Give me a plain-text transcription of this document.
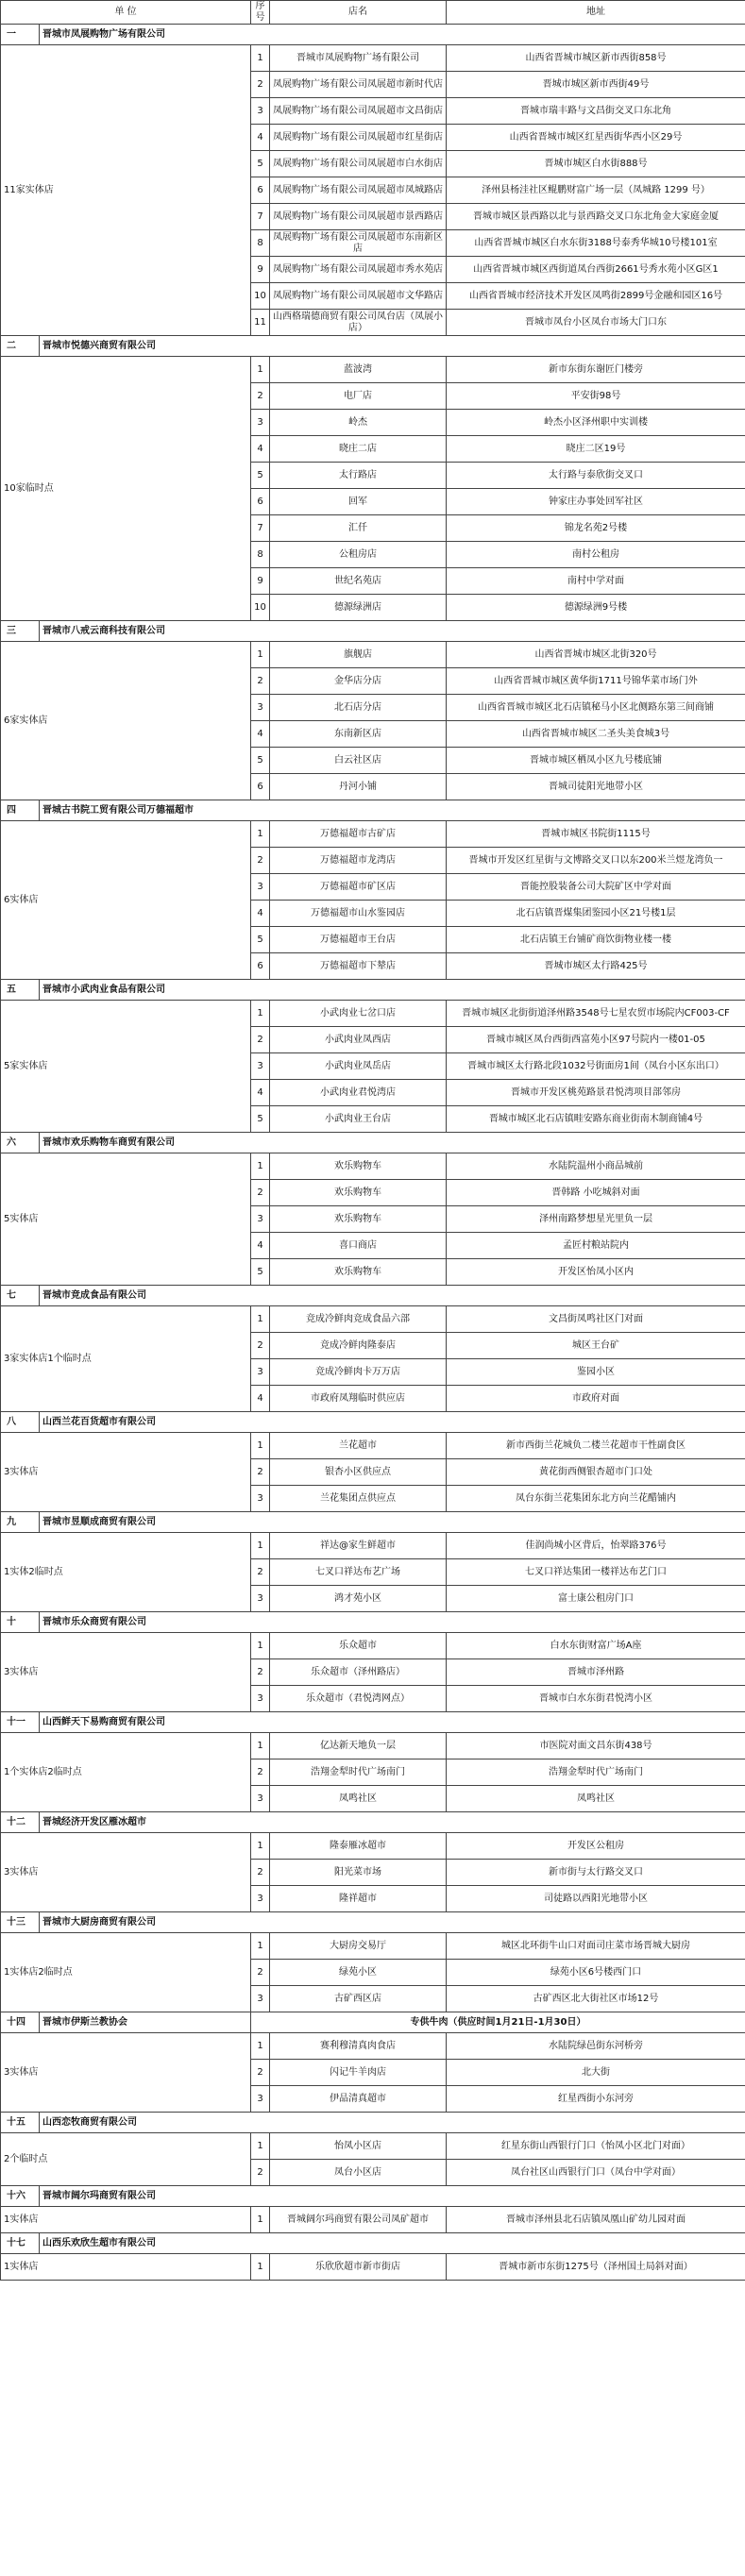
单 位		序号	店名	地址
一	晋城市凤展购物广场有限公司			
11家实体店		1	晋城市凤展购物广场有限公司	山西省晋城市城区新市西街858号
		2	凤展购物广场有限公司凤展超市新时代店	晋城市城区新市西街49号
		3	凤展购物广场有限公司凤展超市文昌街店	晋城市瑞丰路与文昌街交叉口东北角
		4	凤展购物广场有限公司凤展超市红星街店	山西省晋城市城区红星西街华西小区29号
		5	凤展购物广场有限公司凤展超市白水街店	晋城市城区白水街888号
		6	凤展购物广场有限公司凤展超市凤城路店	泽州县杨洼社区鲲鹏财富广场一层（凤城路 1299 号）
		7	凤展购物广场有限公司凤展超市景西路店	晋城市城区景西路以北与景西路交叉口东北角金大家庭金厦
		8	凤展购物广场有限公司凤展超市东南新区店	山西省晋城市城区白水东街3188号泰秀华城10号楼101室
		9	凤展购物广场有限公司凤展超市秀水苑店	山西省晋城市城区西街道凤台西街2661号秀水苑小区G区1
		10	凤展购物广场有限公司凤展超市文华路店	山西省晋城市经济技术开发区凤鸣街2899号金融和园区16号
		11	山西格瑞德商贸有限公司凤台店（凤展小店）	晋城市凤台小区凤台市场大门口东
二	晋城市悦德兴商贸有限公司			
10家临时点		1	蓝波湾	新市东街东谢匠门楼旁
		2	电厂店	平安街98号
		3	岭杰	岭杰小区泽州职中实训楼
		4	晓庄二店	晓庄二区19号
		5	太行路店	太行路与泰欣街交叉口
		6	回军	钟家庄办事处回军社区
		7	汇仟	锦龙名苑2号楼
		8	公租房店	南村公租房
		9	世纪名苑店	南村中学对面
		10	德源绿洲店	德源绿洲9号楼
三	晋城市八戒云商科技有限公司			
6家实体店		1	旗舰店	山西省晋城市城区北街320号
		2	金华店分店	山西省晋城市城区黄华街1711号锦华菜市场门外
		3	北石店分店	山西省晋城市城区北石店镇秘马小区北侧路东第三间商铺
		4	东南新区店	山西省晋城市城区二圣头美食城3号
		5	白云社区店	晋城市城区栖凤小区九号楼底铺
		6	丹河小铺	晋城司徒阳光地带小区
四	晋城古书院工贸有限公司万德福超市			
6实体店		1	万德福超市古矿店	晋城市城区书院街1115号
		2	万德福超市龙湾店	晋城市开发区红星街与文博路交叉口以东200米兰煜龙湾负一
		3	万德福超市矿区店	晋能控股装备公司大院矿区中学对面
		4	万德福超市山水鉴园店	北石店镇晋煤集团鉴园小区21号楼1层
		5	万德福超市王台店	北石店镇王台铺矿商饮街物业楼一楼
		6	万德福超市下辇店	晋城市城区太行路425号
五	晋城市小武肉业食品有限公司			
5家实体店		1	小武肉业七岔口店	晋城市城区北街街道泽州路3548号七星农贸市场院内CF003-CF
		2	小武肉业凤西店	晋城市城区凤台西街西富苑小区97号院内一楼01-05
		3	小武肉业凤岳店	晋城市城区太行路北段1032号街面房1间（凤台小区东出口）
		4	小武肉业君悦湾店	晋城市开发区桃苑路景君悦湾项目部邻房
		5	小武肉业王台店	晋城市城区北石店镇畦安路东商业街南木制商铺4号
六	晋城市欢乐购物车商贸有限公司			
5实体店		1	欢乐购物车	水陆院温州小商品城前
		2	欢乐购物车	晋韩路 小吃城斜对面
		3	欢乐购物车	泽州南路梦想星光里负一层
		4	喜口商店	孟匠村粮站院内
		5	欢乐购物车	开发区怡凤小区内
七	晋城市竞成食品有限公司			
3家实体店1个临时点		1	竞成冷鲜肉竞成食品六部	文昌街凤鸣社区门对面
		2	竞成冷鲜肉隆泰店	城区王台矿
		3	竞成冷鲜肉卡万万店	鉴园小区
		4	市政府凤翔临时供应店	市政府对面
八	山西兰花百货超市有限公司			
3实体店		1	兰花超市	新市西街兰花城负二楼兰花超市干性副食区
		2	银杏小区供应点	黄花街西侧银杏超市门口处
		3	兰花集团点供应点	凤台东街兰花集团东北方向兰花醋铺内
九	晋城市昱顺成商贸有限公司			
1实体2临时点		1	祥达@家生鲜超市	佳润尚城小区背后，怡翠路376号
		2	七叉口祥达布艺广场	七叉口祥达集团一楼祥达布艺门口
		3	鸿才苑小区	富士康公租房门口
十	晋城市乐众商贸有限公司			
3实体店		1	乐众超市	白水东街财富广场A座
		2	乐众超市（泽州路店）	晋城市泽州路
		3	乐众超市（君悦湾网点）	晋城市白水东街君悦湾小区
十一	山西鲜天下易购商贸有限公司			
1个实体店2临时点		1	亿达新天地负一层	市医院对面文昌东街438号
		2	浩翔金犁时代广场南门	浩翔金犁时代广场南门
		3	凤鸣社区	凤鸣社区
十二	晋城经济开发区雁冰超市			
3实体店		1	隆泰雁冰超市	开发区公租房
		2	阳光菜市场	新市街与太行路交叉口
		3	隆祥超市	司徒路以西阳光地带小区
十三	晋城市大厨房商贸有限公司			
1实体店2临时点		1	大厨房交易厅	城区北环街牛山口对面司庄菜市场晋城大厨房
		2	绿苑小区	绿苑小区6号楼西门口
		3	古矿西区店	古矿西区北大街社区市场12号
十四	晋城市伊斯兰教协会	专供牛肉（供应时间1月21日-1月30日）		
3实体店		1	赛利穆清真肉食店	水陆院绿邑街东河桥旁
		2	闪记牛羊肉店	北大街
		3	伊品清真超市	红星西街小东河旁
十五	山西恋牧商贸有限公司			
2个临时点		1	怡凤小区店	红星东街山西银行门口（怡凤小区北门对面）
		2	凤台小区店	凤台社区山西银行门口（凤台中学对面）
十六	晋城市阔尔玛商贸有限公司			
1实体店		1	晋城阔尔玛商贸有限公司凤矿超市	晋城市泽州县北石店镇凤凰山矿幼儿园对面
十七	山西乐欢欣生超市有限公司			
1实体店		1	乐欣欣超市新市街店	晋城市新市东街1275号（泽州国土局斜对面）
